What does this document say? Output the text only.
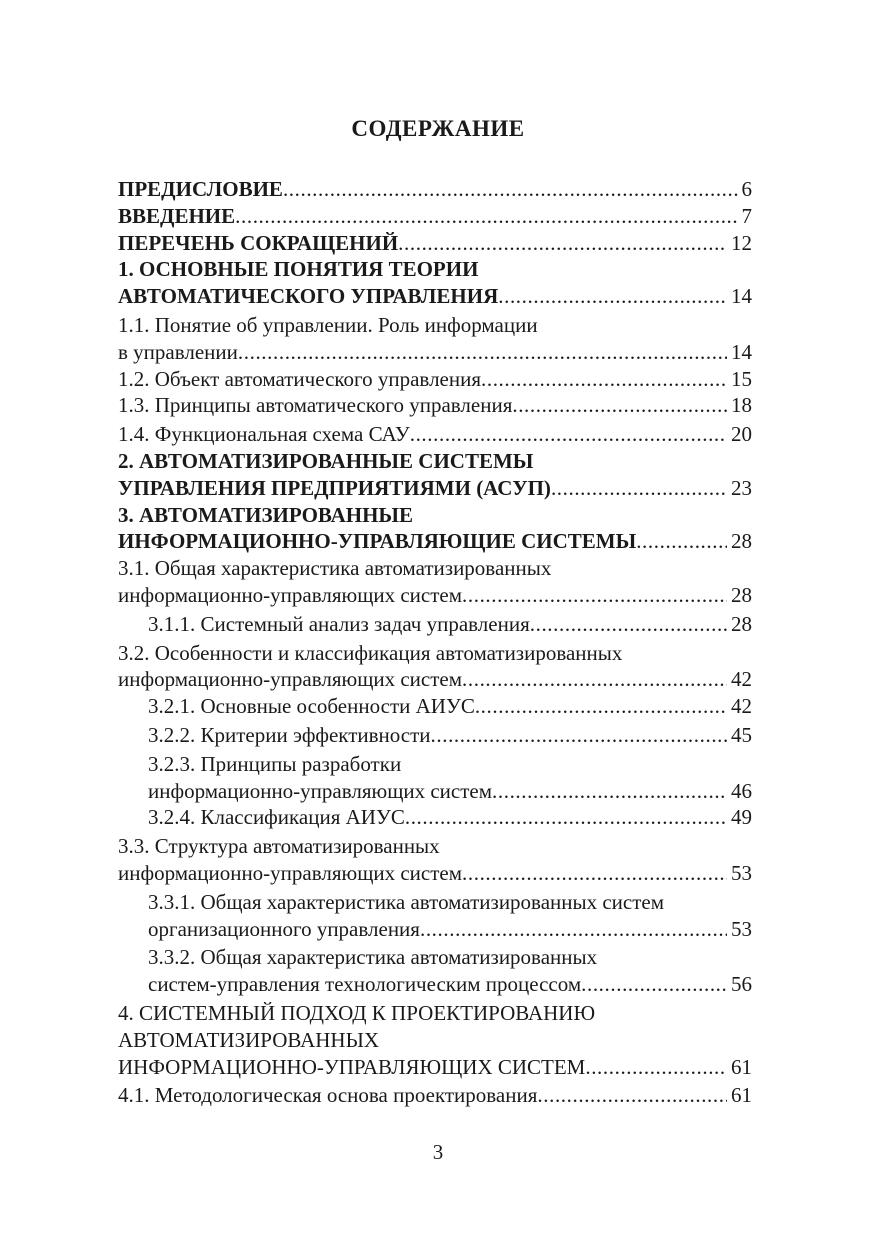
СОДЕРЖАНИЕ
ПРЕДИСЛОВИЕ .....	6
ВВЕДЕНИЕ .....	7
ПЕРЕЧЕНЬ СОКРАЩЕНИЙ .....	12
1. ОСНОВНЫЕ ПОНЯТИЯ ТЕОРИИ
АВТОМАТИЧЕСКОГО УПРАВЛЕНИЯ .....	14
1.1. Понятие об управлении. Роль информации
в управлении .....	14
1.2. Объект автоматического управления .....	15
1.3. Принципы автоматического управления .....	18
1.4. Функциональная схема САУ .....	20
2. АВТОМАТИЗИРОВАННЫЕ СИСТЕМЫ
УПРАВЛЕНИЯ ПРЕДПРИЯТИЯМИ (АСУП) .....	23
3. АВТОМАТИЗИРОВАННЫЕ
ИНФОРМАЦИОННО-УПРАВЛЯЮЩИЕ СИСТЕМЫ .....	28
3.1. Общая характеристика автоматизированных
информационно-управляющих систем .....	28
3.1.1. Системный анализ задач управления .....	28
3.2. Особенности и классификация автоматизированных
информационно-управляющих систем .....	42
3.2.1. Основные особенности АИУС .....	42
3.2.2. Критерии эффективности .....	45
3.2.3. Принципы разработки
информационно-управляющих систем .....	46
3.2.4. Классификация АИУС .....	49
3.3. Структура автоматизированных
информационно-управляющих систем .....	53
3.3.1. Общая характеристика автоматизированных систем
организационного управления .....	53
3.3.2. Общая характеристика автоматизированных
систем-управления технологическим процессом .....	56
4. СИСТЕМНЫЙ ПОДХОД К ПРОЕКТИРОВАНИЮ
АВТОМАТИЗИРОВАННЫХ
ИНФОРМАЦИОННО-УПРАВЛЯЮЩИХ СИСТЕМ .....	61
4.1. Методологическая основа проектирования .....	61
3
